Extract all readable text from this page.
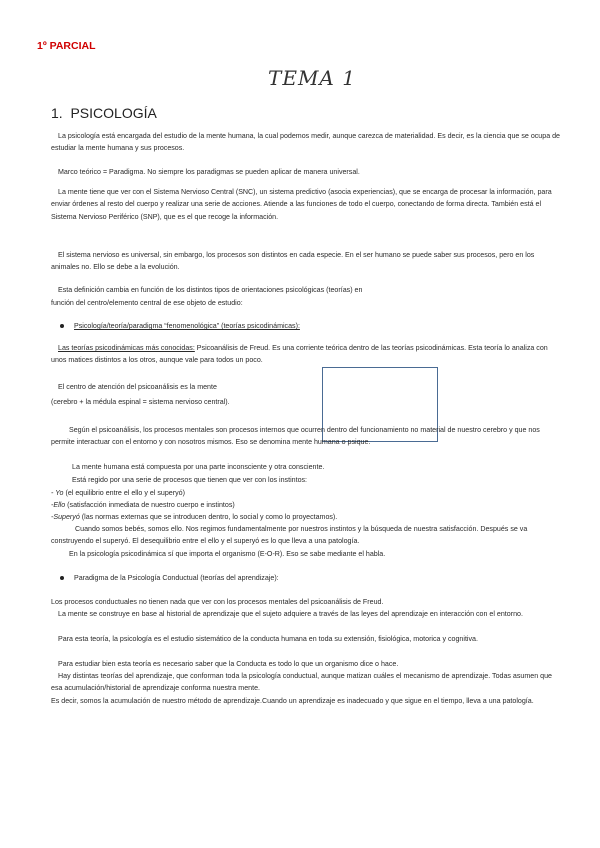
1º PARCIAL
TEMA 1
1. PSICOLOGÍA
La psicología está encargada del estudio de la mente humana, la cual podemos medir, aunque carezca de materialidad. Es decir, es la ciencia que se ocupa de estudiar la mente humana y sus procesos.
Marco teórico = Paradigma. No siempre los paradigmas se pueden aplicar de manera universal.
La mente tiene que ver con el Sistema Nervioso Central (SNC), un sistema predictivo (asocia experiencias), que se encarga de procesar la información, para enviar órdenes al resto del cuerpo y realizar una serie de acciones. Atiende a las funciones de todo el cuerpo, conectando de forma directa. También está el Sistema Nervioso Periférico (SNP), que es el que recoge la información.
El sistema nervioso es universal, sin embargo, los procesos son distintos en cada especie. En el ser humano se puede saber sus procesos, pero en los animales no. Ello se debe a la evolución.
Esta definición cambia en función de los distintos tipos de orientaciones psicológicas (teorías) en
función del centro/elemento central de ese objeto de estudio:
Psicología/teoría/paradigma “fenomenológica” (teorías psicodinámicas):
Las teorías psicodinámicas más conocidas: Psicoanálisis de Freud. Es una corriente teórica dentro de las teorías psicodinámicas. Esta teoría lo analiza con unos matices distintos a los otros, aunque vale para todos un poco.
El centro de atención del psicoanálisis es la mente
(cerebro + la médula espinal = sistema nervioso central).
Según el psicoanálisis, los procesos mentales son procesos internos que ocurren dentro del funcionamiento no material de nuestro cerebro y que nos permite interactuar con el entorno y con nosotros mismos. Eso se denomina mente humana o psique.
La mente humana está compuesta por una parte inconsciente y otra consciente.
Está regido por una serie de procesos que tienen que ver con los instintos:
- Yo (el equilibrio entre el ello y el superyó)
-Ello (satisfacción inmediata de nuestro cuerpo e instintos)
-Superyó (las normas externas que se introducen dentro, lo social y como lo proyectamos).
Cuando somos bebés, somos ello. Nos regimos fundamentalmente por nuestros instintos y la búsqueda de nuestra satisfacción. Después se va construyendo el superyó. El desequilibrio entre el ello y el superyó es lo que lleva a una patología.
En la psicología psicodinámica sí que importa el organismo (E-O-R). Eso se sabe mediante el habla.
Paradigma de la Psicología Conductual (teorías del aprendizaje):
Los procesos conductuales no tienen nada que ver con los procesos mentales del psicoanálisis de Freud.
La mente se construye en base al historial de aprendizaje que el sujeto adquiere a través de las leyes del aprendizaje en interacción con el entorno.
Para esta teoría, la psicología es el estudio sistemático de la conducta humana en toda su extensión, fisiológica, motorica y cognitiva.
Para estudiar bien esta teoría es necesario saber que la Conducta es todo lo que un organismo dice o hace.
Hay distintas teorías del aprendizaje, que conforman toda la psicología conductual, aunque matizan cuáles el mecanismo de aprendizaje. Todas asumen que esa acumulación/historial de aprendizaje conforma nuestra mente.
Es decir, somos la acumulación de nuestro método de aprendizaje.Cuando un aprendizaje es inadecuado y que sigue en el tiempo, lleva a una patología.
